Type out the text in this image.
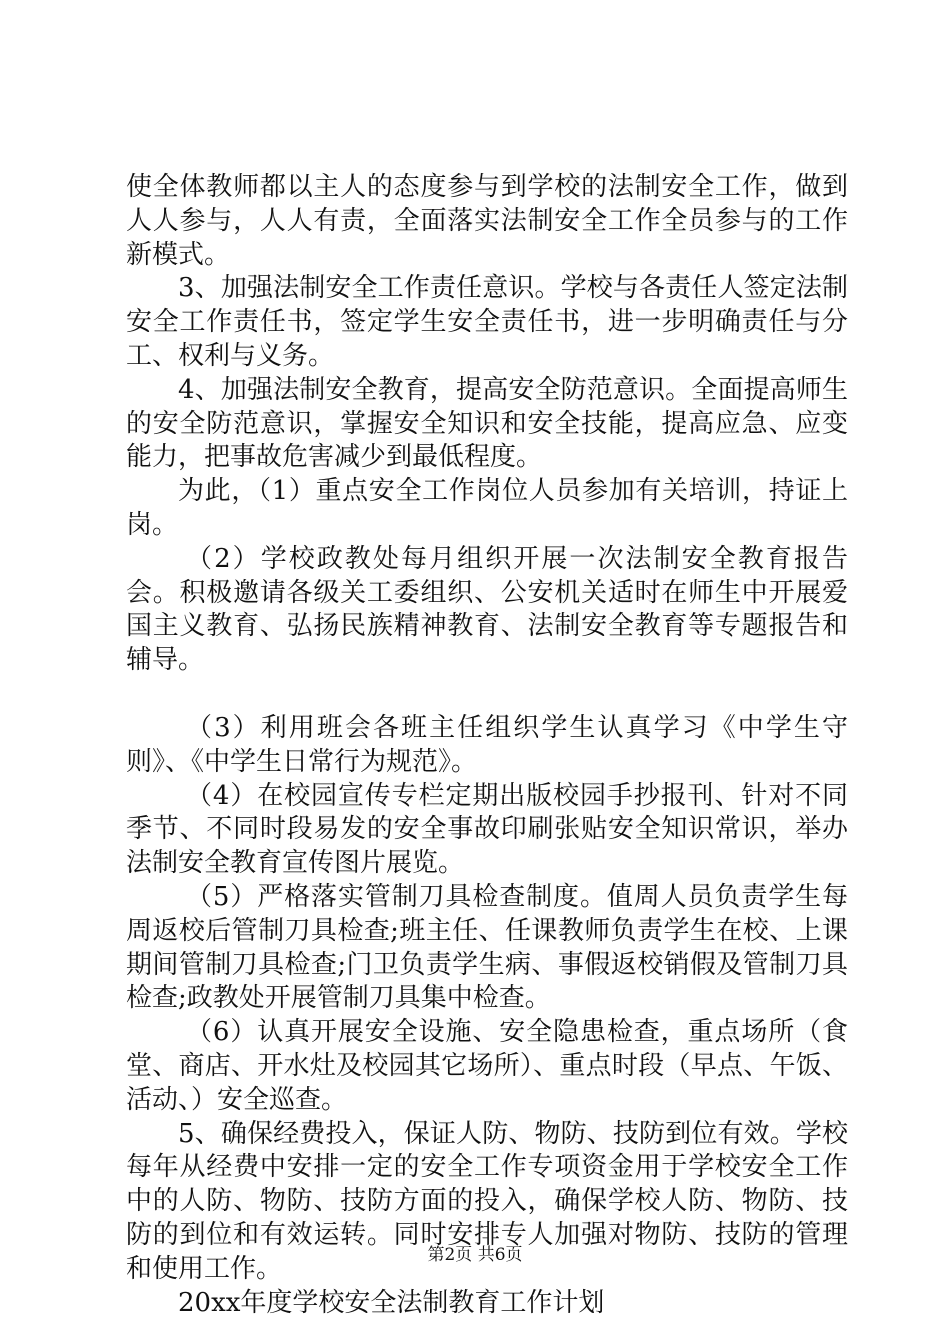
使全体教师都以主人的态度参与到学校的法制安全工作，做到人人参与，人人有责，全面落实法制安全工作全员参与的工作新模式。

3、加强法制安全工作责任意识。学校与各责任人签定法制安全工作责任书，签定学生安全责任书，进一步明确责任与分工、权利与义务。

4、加强法制安全教育，提高安全防范意识。全面提高师生的安全防范意识，掌握安全知识和安全技能，提高应急、应变能力，把事故危害减少到最低程度。

为此，（1）重点安全工作岗位人员参加有关培训，持证上岗。

（2）学校政教处每月组织开展一次法制安全教育报告会。积极邀请各级关工委组织、公安机关适时在师生中开展爱国主义教育、弘扬民族精神教育、法制安全教育等专题报告和辅导。

（3）利用班会各班主任组织学生认真学习《中学生守则》、《中学生日常行为规范》。

（4）在校园宣传专栏定期出版校园手抄报刊、针对不同季节、不同时段易发的安全事故印刷张贴安全知识常识，举办法制安全教育宣传图片展览。

（5）严格落实管制刀具检查制度。值周人员负责学生每周返校后管制刀具检查;班主任、任课教师负责学生在校、上课期间管制刀具检查;门卫负责学生病、事假返校销假及管制刀具检查;政教处开展管制刀具集中检查。

（6）认真开展安全设施、安全隐患检查，重点场所（食堂、商店、开水灶及校园其它场所）、重点时段（早点、午饭、活动、）安全巡查。

5、确保经费投入，保证人防、物防、技防到位有效。学校每年从经费中安排一定的安全工作专项资金用于学校安全工作中的人防、物防、技防方面的投入，确保学校人防、物防、技防的到位和有效运转。同时安排专人加强对物防、技防的管理和使用工作。

20xx年度学校安全法制教育工作计划

第2页 共6页
